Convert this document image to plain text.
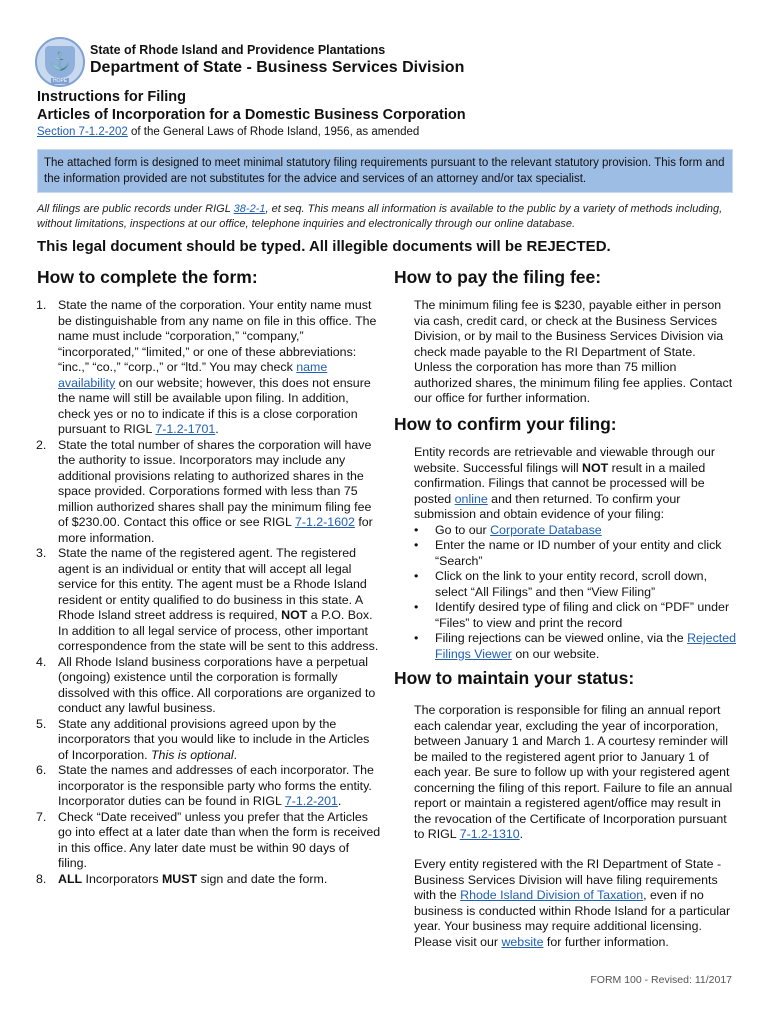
⚓
HOPE
State of Rhode Island and Providence Plantations
Department of State - Business Services Division
Instructions for Filing
Articles of Incorporation for a Domestic Business Corporation
Section 7-1.2-202 of the General Laws of Rhode Island, 1956, as amended
The attached form is designed to meet minimal statutory filing requirements pursuant to the relevant statutory provision. This form and the information provided are not substitutes for the advice and services of an attorney and/or tax specialist.
All filings are public records under RIGL 38-2-1, et seq. This means all information is available to the public by a variety of methods including, without limitations, inspections at our office, telephone inquiries and electronically through our online database.
This legal document should be typed. All illegible documents will be REJECTED.
How to complete the form:
1. State the name of the corporation. Your entity name must be distinguishable from any name on file in this office. The name must include “corporation,” “company,” “incorporated,” “limited,” or one of these abbreviations: “inc.,” “co.,” “corp.,” or “ltd.” You may check name availability on our website; however, this does not ensure the name will still be available upon filing. In addition, check yes or no to indicate if this is a close corporation pursuant to RIGL 7-1.2-1701.
2. State the total number of shares the corporation will have the authority to issue. Incorporators may include any additional provisions relating to authorized shares in the space provided. Corporations formed with less than 75 million authorized shares shall pay the minimum filing fee of $230.00. Contact this office or see RIGL 7-1.2-1602 for more information.
3. State the name of the registered agent. The registered agent is an individual or entity that will accept all legal service for this entity. The agent must be a Rhode Island resident or entity qualified to do business in this state. A Rhode Island street address is required, NOT a P.O. Box. In addition to all legal service of process, other important correspondence from the state will be sent to this address.
4. All Rhode Island business corporations have a perpetual (ongoing) existence until the corporation is formally dissolved with this office. All corporations are organized to conduct any lawful business.
5. State any additional provisions agreed upon by the incorporators that you would like to include in the Articles of Incorporation. This is optional.
6. State the names and addresses of each incorporator. The incorporator is the responsible party who forms the entity. Incorporator duties can be found in RIGL 7-1.2-201.
7. Check “Date received” unless you prefer that the Articles go into effect at a later date than when the form is received in this office. Any later date must be within 90 days of filing.
8. ALL Incorporators MUST sign and date the form.
How to pay the filing fee:
The minimum filing fee is $230, payable either in person via cash, credit card, or check at the Business Services Division, or by mail to the Business Services Division via check made payable to the RI Department of State. Unless the corporation has more than 75 million authorized shares, the minimum filing fee applies. Contact our office for further information.
How to confirm your filing:
Entity records are retrievable and viewable through our website. Successful filings will NOT result in a mailed confirmation. Filings that cannot be processed will be posted online and then returned. To confirm your submission and obtain evidence of your filing:
• Go to our Corporate Database
• Enter the name or ID number of your entity and click “Search”
• Click on the link to your entity record, scroll down, select “All Filings” and then “View Filing”
• Identify desired type of filing and click on “PDF” under “Files” to view and print the record
• Filing rejections can be viewed online, via the Rejected Filings Viewer on our website.
How to maintain your status:
The corporation is responsible for filing an annual report each calendar year, excluding the year of incorporation, between January 1 and March 1. A courtesy reminder will be mailed to the registered agent prior to January 1 of each year. Be sure to follow up with your registered agent concerning the filing of this report. Failure to file an annual report or maintain a registered agent/office may result in the revocation of the Certificate of Incorporation pursuant to RIGL 7-1.2-1310.
Every entity registered with the RI Department of State - Business Services Division will have filing requirements with the Rhode Island Division of Taxation, even if no business is conducted within Rhode Island for a particular year. Your business may require additional licensing. Please visit our website for further information.
FORM 100 - Revised: 11/2017
